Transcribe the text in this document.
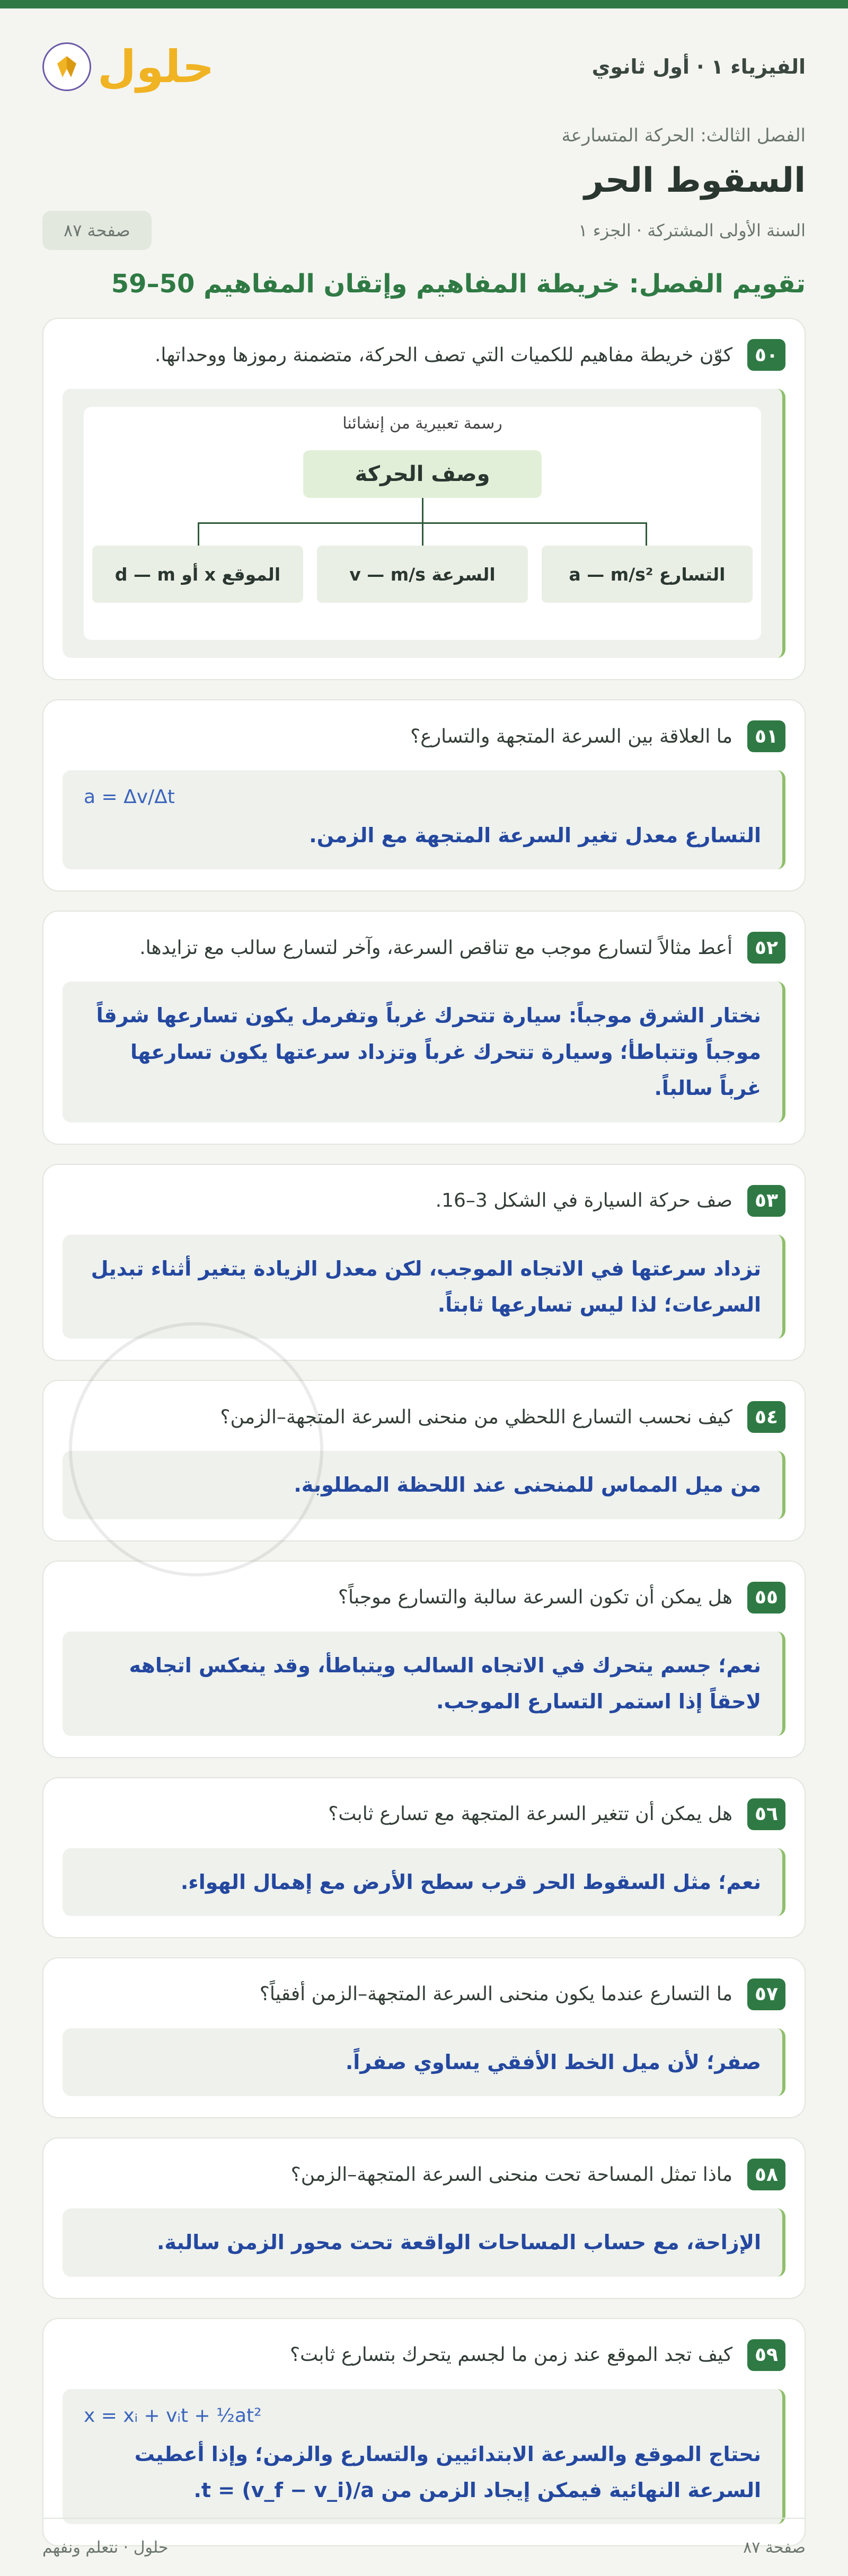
الفيزياء ١ · أول ثانوي
حلول
الفصل الثالث: الحركة المتسارعة
السقوط الحر
السنة الأولى المشتركة · الجزء ١
صفحة ٨٧
تقويم الفصل: خريطة المفاهيم وإتقان المفاهيم 50–59
٥٠
كوّن خريطة مفاهيم للكميات التي تصف الحركة، متضمنة رموزها ووحداتها.
رسمة تعبيرية من إنشائنا
وصف الحركة
التسارع a — m/s²
السرعة v — m/s
الموقع x أو d — m
٥١
ما العلاقة بين السرعة المتجهة والتسارع؟
a = Δv/Δt
التسارع معدل تغير السرعة المتجهة مع الزمن.
٥٢
أعط مثالاً لتسارع موجب مع تناقص السرعة، وآخر لتسارع سالب مع تزايدها.
نختار الشرق موجباً: سيارة تتحرك غرباً وتفرمل يكون تسارعها شرقاً موجباً وتتباطأ؛ وسيارة تتحرك غرباً وتزداد سرعتها يكون تسارعها غرباً سالباً.
٥٣
صف حركة السيارة في الشكل 3–16.
تزداد سرعتها في الاتجاه الموجب، لكن معدل الزيادة يتغير أثناء تبديل السرعات؛ لذا ليس تسارعها ثابتاً.
٥٤
كيف نحسب التسارع اللحظي من منحنى السرعة المتجهة–الزمن؟
من ميل المماس للمنحنى عند اللحظة المطلوبة.
٥٥
هل يمكن أن تكون السرعة سالبة والتسارع موجباً؟
نعم؛ جسم يتحرك في الاتجاه السالب ويتباطأ، وقد ينعكس اتجاهه لاحقاً إذا استمر التسارع الموجب.
٥٦
هل يمكن أن تتغير السرعة المتجهة مع تسارع ثابت؟
نعم؛ مثل السقوط الحر قرب سطح الأرض مع إهمال الهواء.
٥٧
ما التسارع عندما يكون منحنى السرعة المتجهة–الزمن أفقياً؟
صفر؛ لأن ميل الخط الأفقي يساوي صفراً.
٥٨
ماذا تمثل المساحة تحت منحنى السرعة المتجهة–الزمن؟
الإزاحة، مع حساب المساحات الواقعة تحت محور الزمن سالبة.
٥٩
كيف تجد الموقع عند زمن ما لجسم يتحرك بتسارع ثابت؟
x = xᵢ + vᵢt + ½at²
نحتاج الموقع والسرعة الابتدائيين والتسارع والزمن؛ وإذا أعطيت السرعة النهائية فيمكن إيجاد الزمن من t = (v_f − v_i)/a.
صفحة ٨٧
حلول · نتعلم ونفهم
